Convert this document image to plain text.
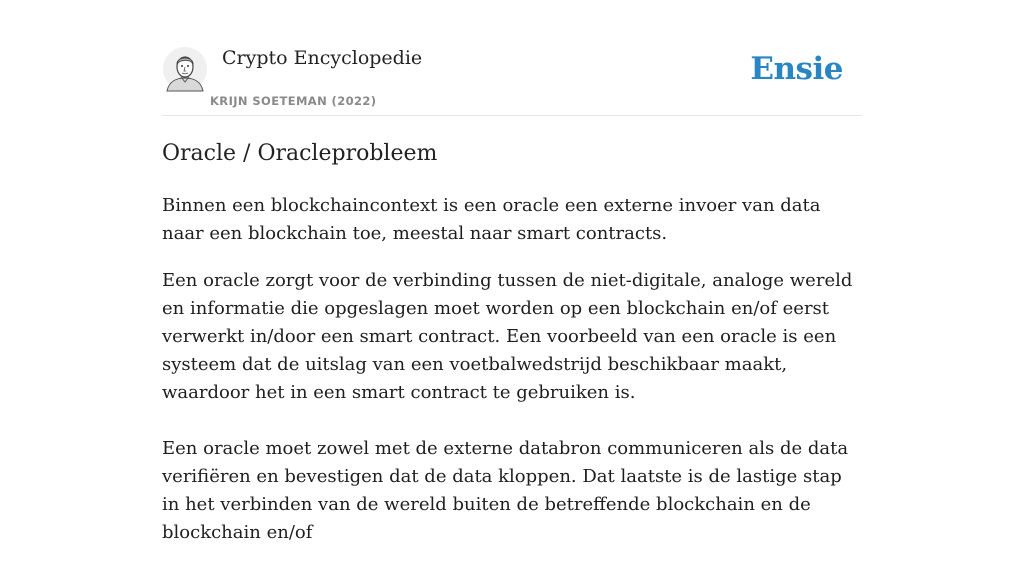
Crypto Encyclopedie
KRIJN SOETEMAN (2022)
Ensie
Oracle / Oracleprobleem

Binnen een blockchaincontext is een oracle een externe invoer van data naar een blockchain toe, meestal naar smart contracts.

Een oracle zorgt voor de verbinding tussen de niet-digitale, analoge wereld en informatie die opgeslagen moet worden op een blockchain en/of eerst verwerkt in/door een smart contract. Een voorbeeld van een oracle is een systeem dat de uitslag van een voetbalwedstrijd beschikbaar maakt, waardoor het in een smart contract te gebruiken is.

Een oracle moet zowel met de externe databron communiceren als de data verifiëren en bevestigen dat de data kloppen. Dat laatste is de lastige stap in het verbinden van de wereld buiten de betreffende blockchain en de blockchain en/of
